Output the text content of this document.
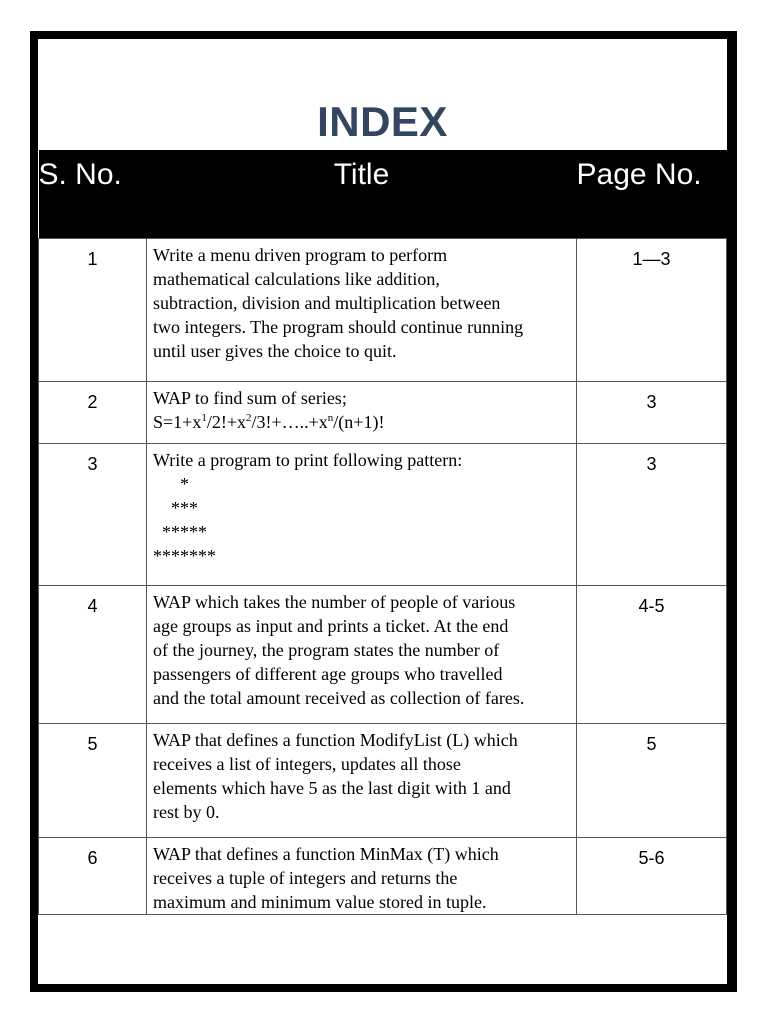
INDEX
S. No.	Title	Page No.
1	Write a menu driven program to perform
mathematical calculations like addition,
subtraction, division and multiplication between
two integers. The program should continue running
until user gives the choice to quit.	1—3
2	WAP to find sum of series;
$S=1+x^1/2!+x^2/3!+\dots..+x^n/(n+1)$!	3
3	Write a program to print following pattern:
*
***
*****
*******	3
4	WAP which takes the number of people of various
age groups as input and prints a ticket. At the end
of the journey, the program states the number of
passengers of different age groups who travelled
and the total amount received as collection of fares.	4-5
5	WAP that defines a function ModifyList (L) which
receives a list of integers, updates all those
elements which have 5 as the last digit with 1 and
rest by 0.	5
6	WAP that defines a function MinMax (T) which
receives a tuple of integers and returns the
maximum and minimum value stored in tuple.	5-6
